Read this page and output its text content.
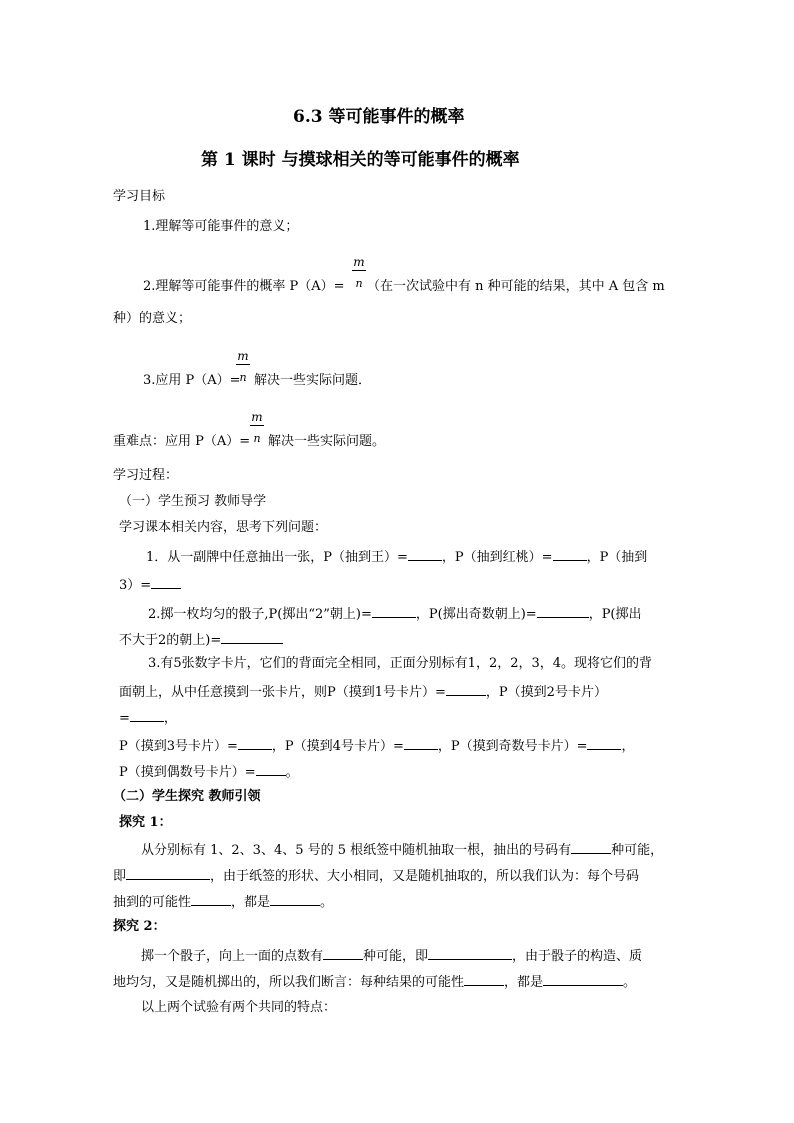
6.3 等可能事件的概率
第 1 课时 与摸球相关的等可能事件的概率
学习目标
1.理解等可能事件的意义；
$\frac{m}{n}$
2.理解等可能事件的概率 P（A）= （在一次试验中有 n 种可能的结果，其中 A 包含 m
种）的意义；
$\frac{m}{n}$
3.应用 P（A）= 解决一些实际问题．
$\frac{m}{n}$
重难点：应用 P（A）= 解决一些实际问题。
学习过程：
（一）学生预习 教师导学
学习课本相关内容，思考下列问题：
1．从一副牌中任意抽出一张，P（抽到王）=	，P（抽到红桃）=	，P（抽到
3）=
2.掷一枚均匀的骰子,P(掷出“2”朝上)=	，P(掷出奇数朝上)=	，P(掷出
不大于2的朝上)=
3.有5张数字卡片，它们的背面完全相同，正面分别标有1，2，2，3，4。现将它们的背
面朝上，从中任意摸到一张卡片，则P（摸到1号卡片）=	，P（摸到2号卡片）
=	，
P（摸到3号卡片）=	，P（摸到4号卡片）=	，P（摸到奇数号卡片）=	，
P（摸到偶数号卡片）= 。
（二）学生探究 教师引领
探究 1：
从分别标有 1、2、3、4、5 号的 5 根纸签中随机抽取一根，抽出的号码有	种可能，
即	，由于纸签的形状、大小相同，又是随机抽取的，所以我们认为：每个号码
抽到的可能性	，都是	。
探究 2：
掷一个骰子，向上一面的点数有	种可能，即	，由于骰子的构造、质
地均匀，又是随机掷出的，所以我们断言：每种结果的可能性	，都是	。
以上两个试验有两个共同的特点：
